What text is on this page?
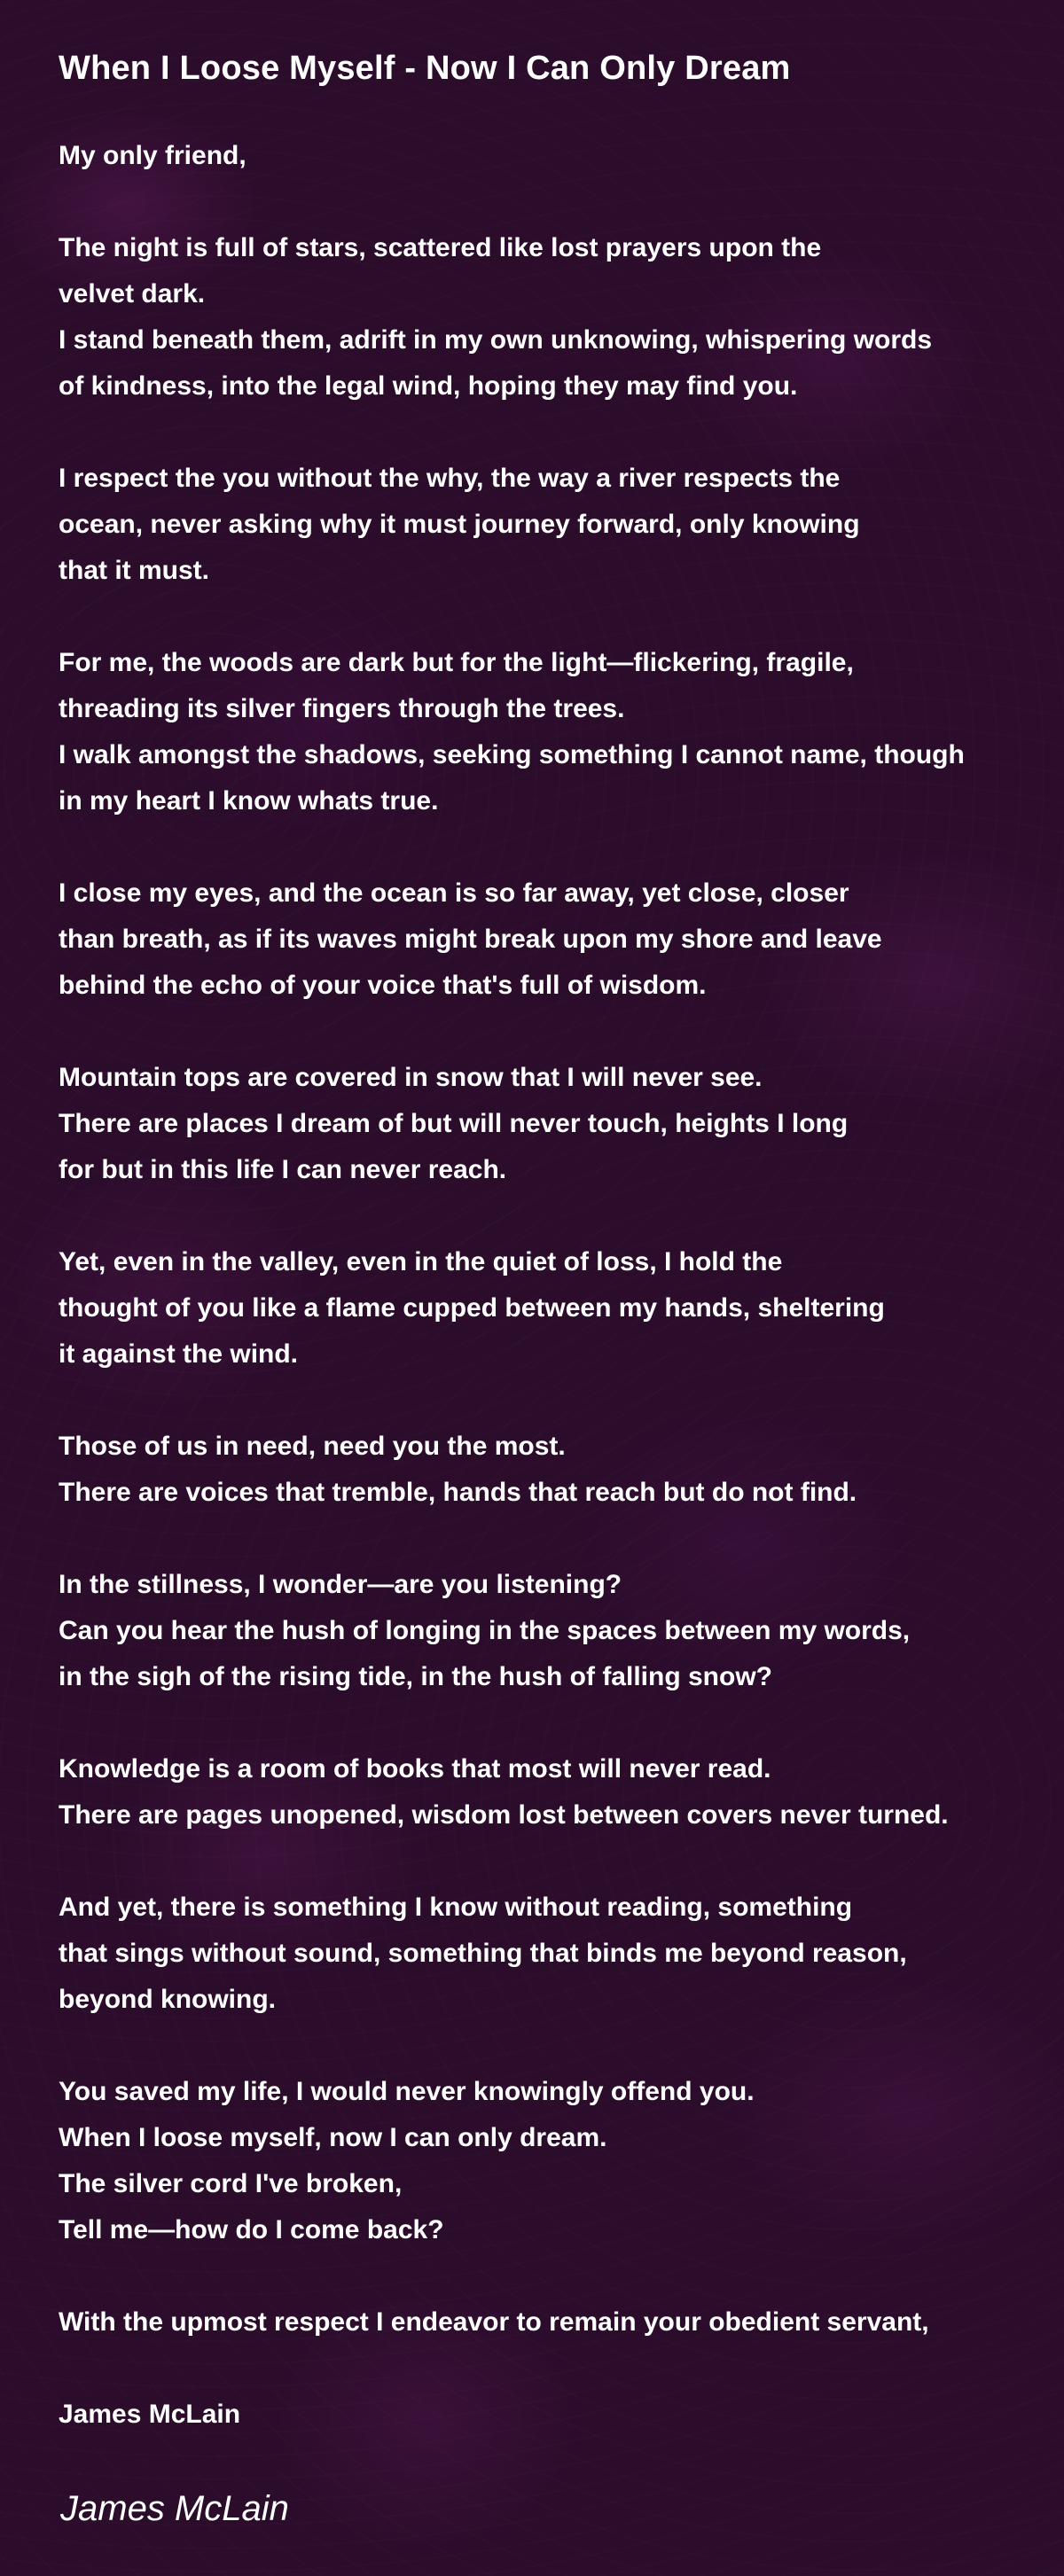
When I Loose Myself - Now I Can Only Dream

My only friend,

The night is full of stars, scattered like lost prayers upon the
velvet dark.
I stand beneath them, adrift in my own unknowing, whispering words
of kindness, into the legal wind, hoping they may find you.

I respect the you without the why, the way a river respects the
ocean, never asking why it must journey forward, only knowing
that it must.

For me, the woods are dark but for the light—flickering, fragile,
threading its silver fingers through the trees.
I walk amongst the shadows, seeking something I cannot name, though
in my heart I know whats true.

I close my eyes, and the ocean is so far away, yet close, closer
than breath, as if its waves might break upon my shore and leave
behind the echo of your voice that's full of wisdom.

Mountain tops are covered in snow that I will never see.
There are places I dream of but will never touch, heights I long
for but in this life I can never reach.

Yet, even in the valley, even in the quiet of loss, I hold the
thought of you like a flame cupped between my hands, sheltering
it against the wind.

Those of us in need, need you the most.
There are voices that tremble, hands that reach but do not find.

In the stillness, I wonder—are you listening?
Can you hear the hush of longing in the spaces between my words,
in the sigh of the rising tide, in the hush of falling snow?

Knowledge is a room of books that most will never read.
There are pages unopened, wisdom lost between covers never turned.

And yet, there is something I know without reading, something
that sings without sound, something that binds me beyond reason,
beyond knowing.

You saved my life, I would never knowingly offend you.
When I loose myself, now I can only dream.
The silver cord I've broken,
Tell me—how do I come back?

With the upmost respect I endeavor to remain your obedient servant,

James McLain

James McLain
